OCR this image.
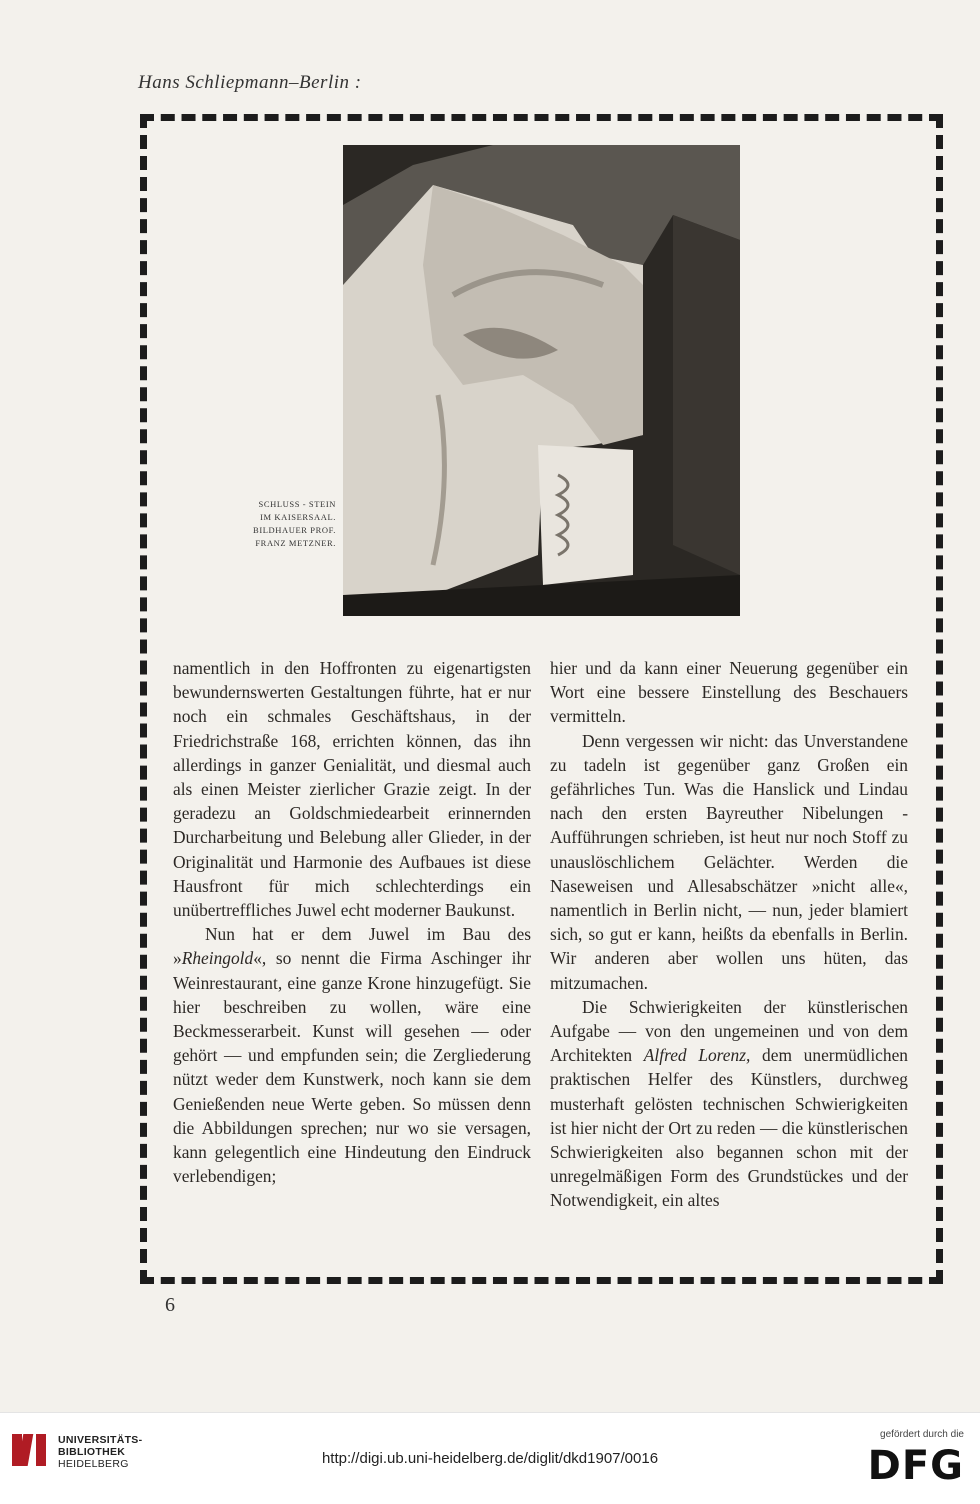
Hans Schliepmann–Berlin :
SCHLUSS - STEIN
IM KAISERSAAL.
BILDHAUER PROF.
FRANZ METZNER.

namentlich in den Hoffronten zu eigenartigsten bewundernswerten Gestaltungen führte, hat er nur noch ein schmales Geschäftshaus, in der Friedrichstraße 168, errichten können, das ihn allerdings in ganzer Genialität, und diesmal auch als einen Meister zierlicher Grazie zeigt. In der geradezu an Goldschmiedearbeit erinnernden Durcharbeitung und Belebung aller Glieder, in der Originalität und Harmonie des Aufbaues ist diese Hausfront für mich schlechterdings ein unübertreffliches Juwel echt moderner Baukunst.

Nun hat er dem Juwel im Bau des »Rheingold«, so nennt die Firma Aschinger ihr Weinrestaurant, eine ganze Krone hinzugefügt. Sie hier beschreiben zu wollen, wäre eine Beckmesserarbeit. Kunst will gesehen — oder gehört — und empfunden sein; die Zergliederung nützt weder dem Kunstwerk, noch kann sie dem Genießenden neue Werte geben. So müssen denn die Abbildungen sprechen; nur wo sie versagen, kann gelegentlich eine Hindeutung den Eindruck verlebendigen;

hier und da kann einer Neuerung gegenüber ein Wort eine bessere Einstellung des Beschauers vermitteln.

Denn vergessen wir nicht: das Unverstandene zu tadeln ist gegenüber ganz Großen ein gefährliches Tun. Was die Hanslick und Lindau nach den ersten Bayreuther Nibelungen - Aufführungen schrieben, ist heut nur noch Stoff zu unauslöschlichem Gelächter. Werden die Naseweisen und Allesabschätzer »nicht alle«, namentlich in Berlin nicht, — nun, jeder blamiert sich, so gut er kann, heißts da ebenfalls in Berlin. Wir anderen aber wollen uns hüten, das mitzumachen.

Die Schwierigkeiten der künstlerischen Aufgabe — von den ungemeinen und von dem Architekten Alfred Lorenz, dem unermüdlichen praktischen Helfer des Künstlers, durchweg musterhaft gelösten technischen Schwierigkeiten ist hier nicht der Ort zu reden — die künstlerischen Schwierigkeiten also begannen schon mit der unregelmäßigen Form des Grundstückes und der Notwendigkeit, ein altes

6
UNIVERSITÄTS-
BIBLIOTHEK
HEIDELBERG	http://digi.ub.uni-heidelberg.de/diglit/dkd1907/0016
gefördert durch die
DFG
